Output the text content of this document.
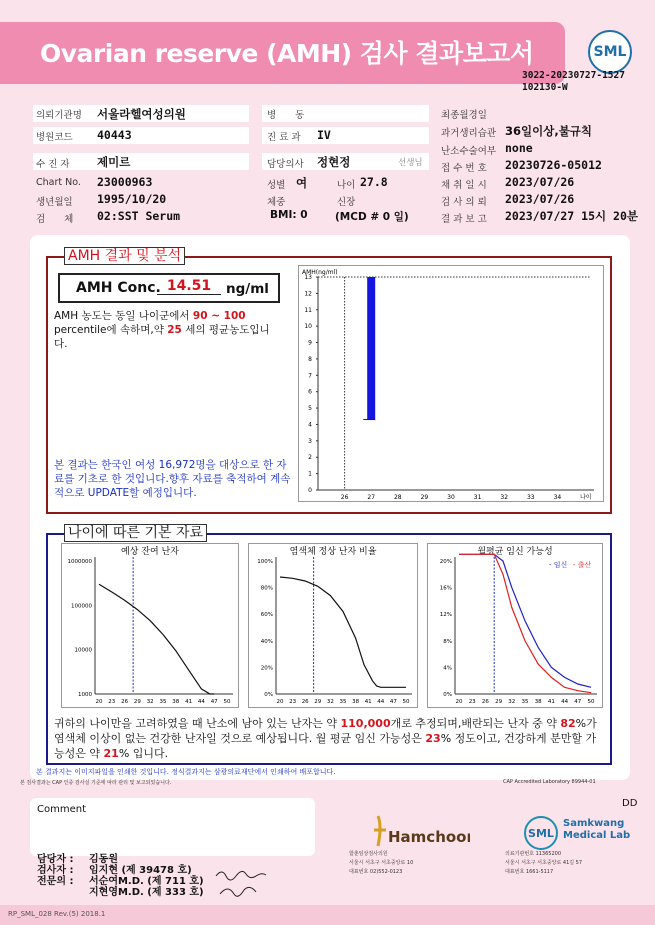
Ovarian reserve (AMH) 검사 결과보고서	SML
3022-20230727-1527
102130-W
의뢰기관명 서울라헬여성의원
병원코드 40443
수 진 자 제미르
Chart No. 23000963
생년월일 1995/10/20
검　　체 02:SST Serum
병　　동
진 료 과 IV
담당의사 정현정	선생님
성별 여	나이 27.8
체중	신장
BMI: 0	(MCD # 0 일)
최종월경일
과거생리습관 36일이상,불규칙
난소수술여부 none
접 수 번 호 20230726-05012
채 취 일 시 2023/07/26
검 사 의 뢰 2023/07/26
결 과 보 고 2023/07/27 15시 20분
AMH 결과 및 분석
AMH Conc. 14.51	ng/ml
AMH 농도는 동일 나이군에서 90 ~ 100 percentile에 속하며,약 25 세의 평균농도입니다.
본 결과는 한국인 여성 16,972명을 대상으로 한 자료를 기초로 한 것입니다.향후 자료를 축적하여 계속적으로 UPDATE할 예정입니다.
AMH(ng/ml)
0
1
2
3
4
5
6
7
8
9
10
11
12
13
26	27	28	29	30	31	32	33	34	나이
나이에 따른 기본 자료
예상 잔여 난자
1000000
100000
10000
1000
20 23 26 29 32 35 38 41 44 47 50
염색체 정상 난자 비율
100%
80%
60%
40%
20%
0%
20 23 26 29 32 35 38 41 44 47 50
월평균 임신 가능성
20%
16%
12%
8%
4%
0%
20 23 26 29 32 35 38 41 44 47 50
- 임신 - 출산
귀하의 나이만을 고려하였을 때 난소에 남아 있는 난자는 약 110,000개로 추정되며,배란되는 난자 중 약 82%가 염색체 이상이 없는 건강한 난자일 것으로 예상됩니다. 월 평균 임신 가능성은 23% 정도이고, 건강하게 분만할 가능성은 약 21% 입니다.
본 결과지는 이미지파일을 인쇄한 것입니다. 정식결과지는 삼광의료재단에서 인쇄하여 배포합니다.
본 검사결과는 CAP 인증 검사실 기준에 따라 관리 및 보고되었습니다.	CAP Accredited Laboratory 89944-01
Comment
DD
담당자 : 김동원
검사자 : 임지현 (제 39478 호)
전문의 : 서순여M.D. (제 711 호)
지현영M.D. (제 333 호)
Hamchoon
함춘임상검사의원
서울시 서초구 서초중앙로 10
대표번호 02)552-0123
SML
Samkwang
Medical Lab
의료기관번호 11365200
서울시 서초구 서초중앙로 41길 57
대표번호 1661-5117
RP_SML_028 Rev.(5) 2018.1
